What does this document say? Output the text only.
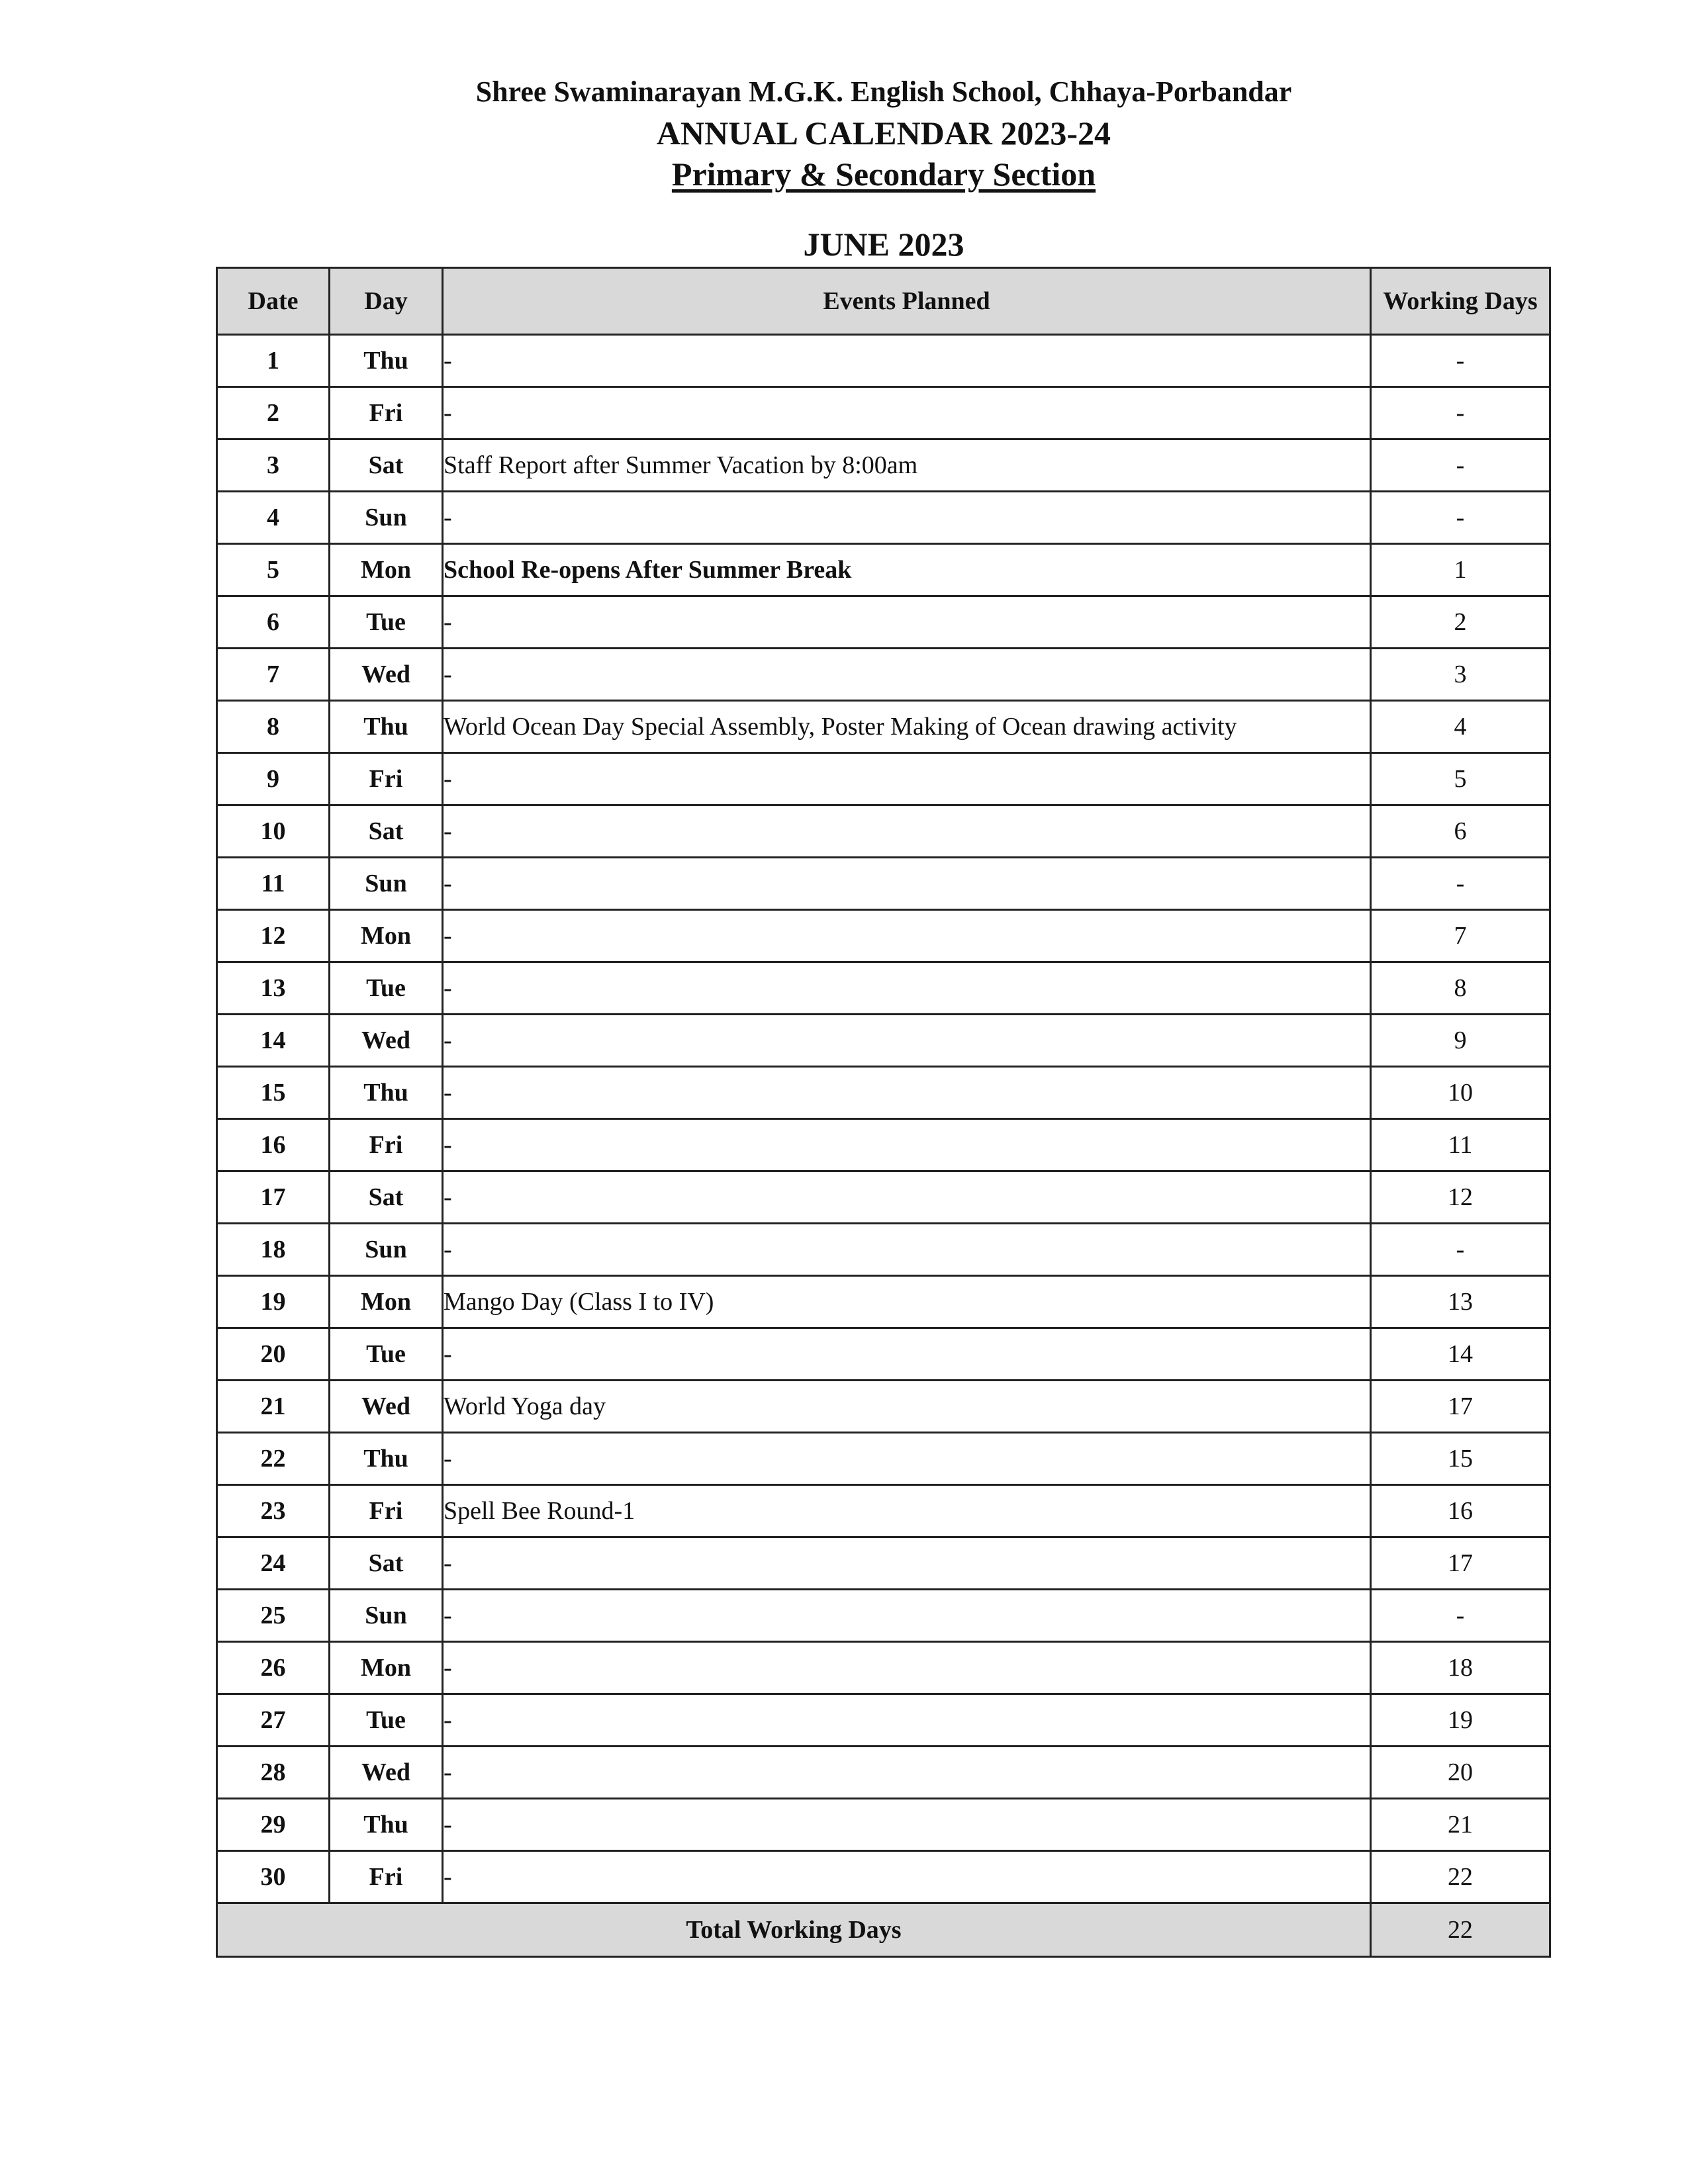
Shree Swaminarayan M.G.K. English School, Chhaya-Porbandar
ANNUAL CALENDAR 2023-24
Primary & Secondary Section
JUNE 2023
Date	Day	Events Planned	Working Days
1	Thu	-	-
2	Fri	-	-
3	Sat	Staff Report after Summer Vacation by 8:00am	-
4	Sun	-	-
5	Mon	School Re-opens After Summer Break	1
6	Tue	-	2
7	Wed	-	3
8	Thu	World Ocean Day Special Assembly, Poster Making of Ocean drawing activity	4
9	Fri	-	5
10	Sat	-	6
11	Sun	-	-
12	Mon	-	7
13	Tue	-	8
14	Wed	-	9
15	Thu	-	10
16	Fri	-	11
17	Sat	-	12
18	Sun	-	-
19	Mon	Mango Day (Class I to IV)	13
20	Tue	-	14
21	Wed	World Yoga day	17
22	Thu	-	15
23	Fri	Spell Bee Round-1	16
24	Sat	-	17
25	Sun	-	-
26	Mon	-	18
27	Tue	-	19
28	Wed	-	20
29	Thu	-	21
30	Fri	-	22
Total Working Days			22
